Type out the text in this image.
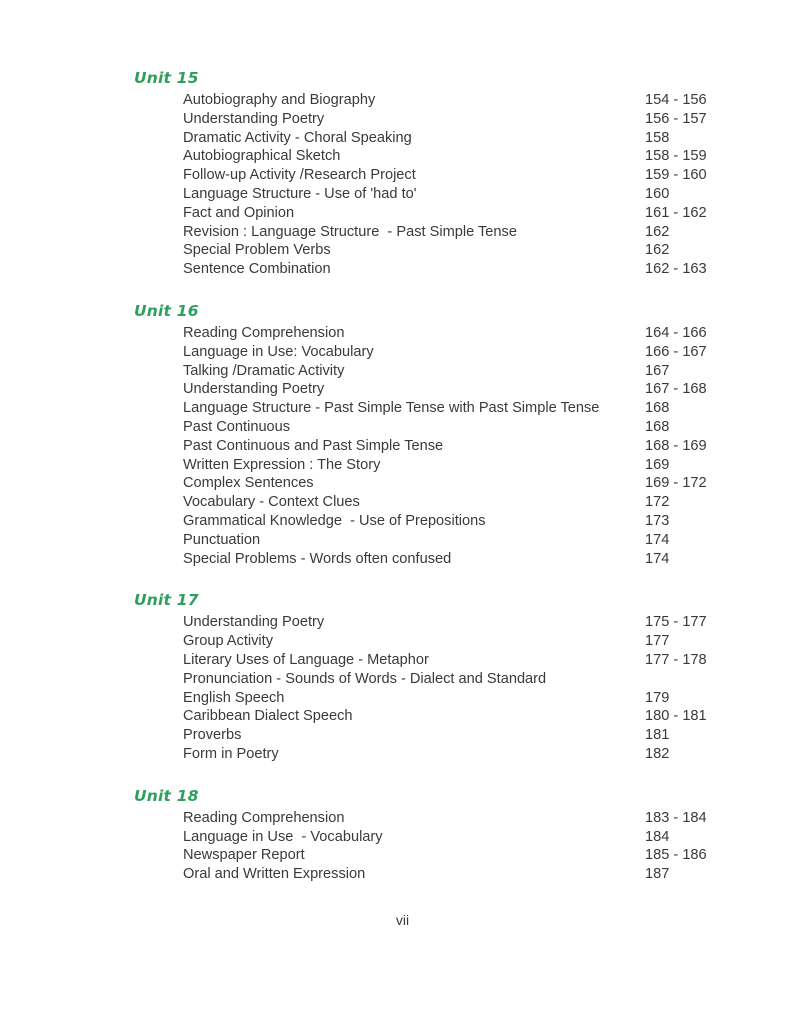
Unit 15
Autobiography and Biography	154 - 156
Understanding Poetry	156 - 157
Dramatic Activity - Choral Speaking	158
Autobiographical Sketch	158 - 159
Follow-up Activity /Research Project	159 - 160
Language Structure - Use of 'had to'	160
Fact and Opinion	161 - 162
Revision : Language Structure  - Past Simple Tense	162
Special Problem Verbs	162
Sentence Combination	162 - 163
Unit 16
Reading Comprehension	164 - 166
Language in Use: Vocabulary	166 - 167
Talking /Dramatic Activity	167
Understanding Poetry	167 - 168
Language Structure - Past Simple Tense with Past Simple Tense	168
Past Continuous	168
Past Continuous and Past Simple Tense	168 - 169
Written Expression : The Story	169
Complex Sentences	169 - 172
Vocabulary - Context Clues	172
Grammatical Knowledge  - Use of Prepositions	173
Punctuation	174
Special Problems - Words often confused	174
Unit 17
Understanding Poetry	175 - 177
Group Activity	177
Literary Uses of Language - Metaphor	177 - 178
Pronunciation - Sounds of Words - Dialect and Standard
English Speech	179
Caribbean Dialect Speech	180 - 181
Proverbs	181
Form in Poetry	182
Unit 18
Reading Comprehension	183 - 184
Language in Use  - Vocabulary	184
Newspaper Report	185 - 186
Oral and Written Expression	187
vii
